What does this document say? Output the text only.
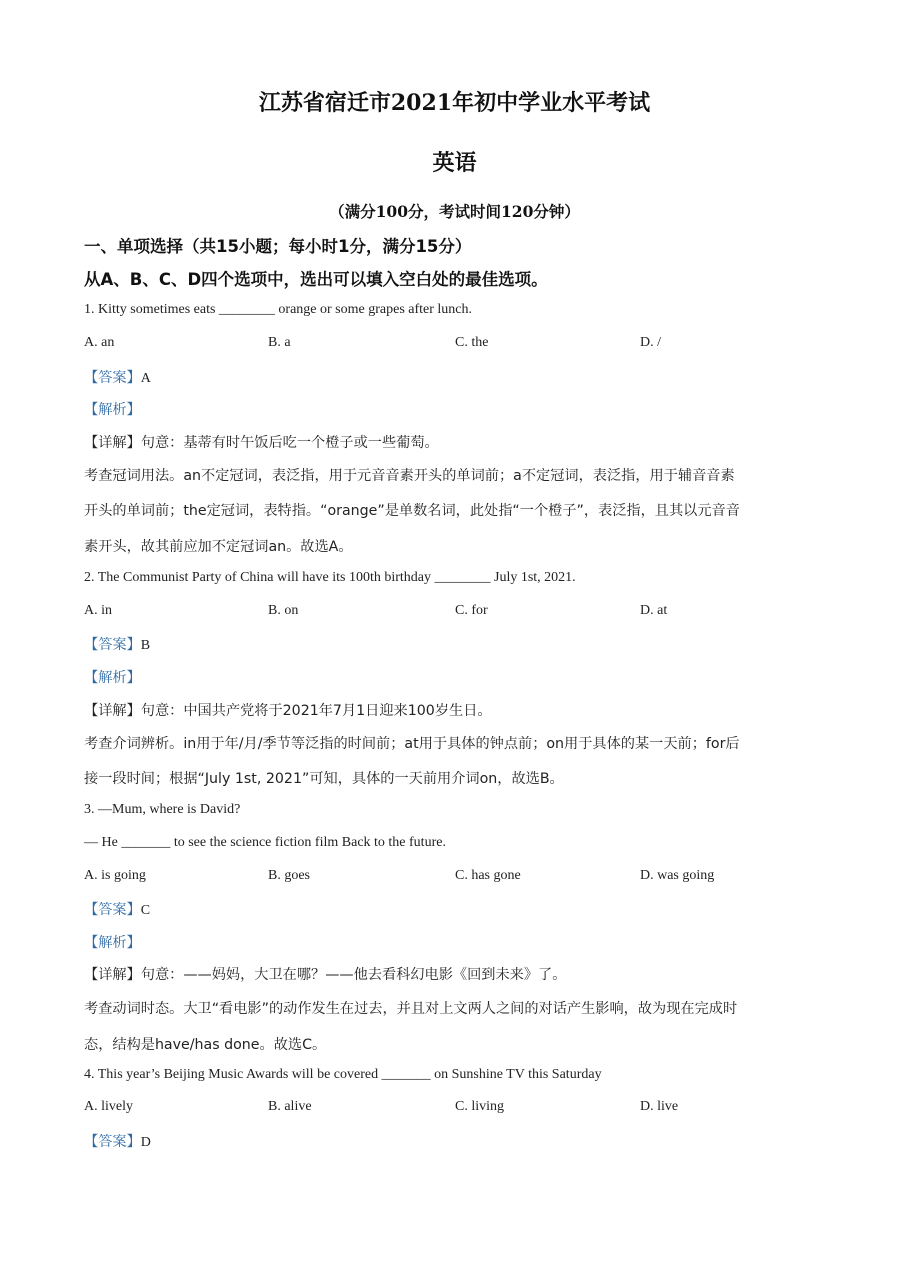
江苏省宿迁市2021年初中学业水平考试
英语
（满分100分，考试时间120分钟）
一、单项选择（共15小题；每小时1分，满分15分）
从A、B、C、D四个选项中，选出可以填入空白处的最佳选项。
1. Kitty sometimes eats ________ orange or some grapes after lunch.
A. an	B. a	C. the	D. /
【答案】A
【解析】
【详解】句意：基蒂有时午饭后吃一个橙子或一些葡萄。
考查冠词用法。an不定冠词，表泛指，用于元音音素开头的单词前；a不定冠词，表泛指，用于辅音音素
开头的单词前；the定冠词，表特指。“orange”是单数名词，此处指“一个橙子”，表泛指，且其以元音音
素开头，故其前应加不定冠词an。故选A。
2. The Communist Party of China will have its 100th birthday ________ July 1st, 2021.
A. in	B. on	C. for	D. at
【答案】B
【解析】
【详解】句意：中国共产党将于2021年7月1日迎来100岁生日。
考查介词辨析。in用于年/月/季节等泛指的时间前；at用于具体的钟点前；on用于具体的某一天前；for后
接一段时间；根据“July 1st, 2021”可知，具体的一天前用介词on，故选B。
3. —Mum, where is David?
— He _______ to see the science fiction film Back to the future.
A. is going	B. goes	C. has gone	D. was going
【答案】C
【解析】
【详解】句意：——妈妈，大卫在哪？——他去看科幻电影《回到未来》了。
考查动词时态。大卫“看电影”的动作发生在过去，并且对上文两人之间的对话产生影响，故为现在完成时
态，结构是have/has done。故选C。
4. This year’s Beijing Music Awards will be covered _______ on Sunshine TV this Saturday
A. lively	B. alive	C. living	D. live
【答案】D
